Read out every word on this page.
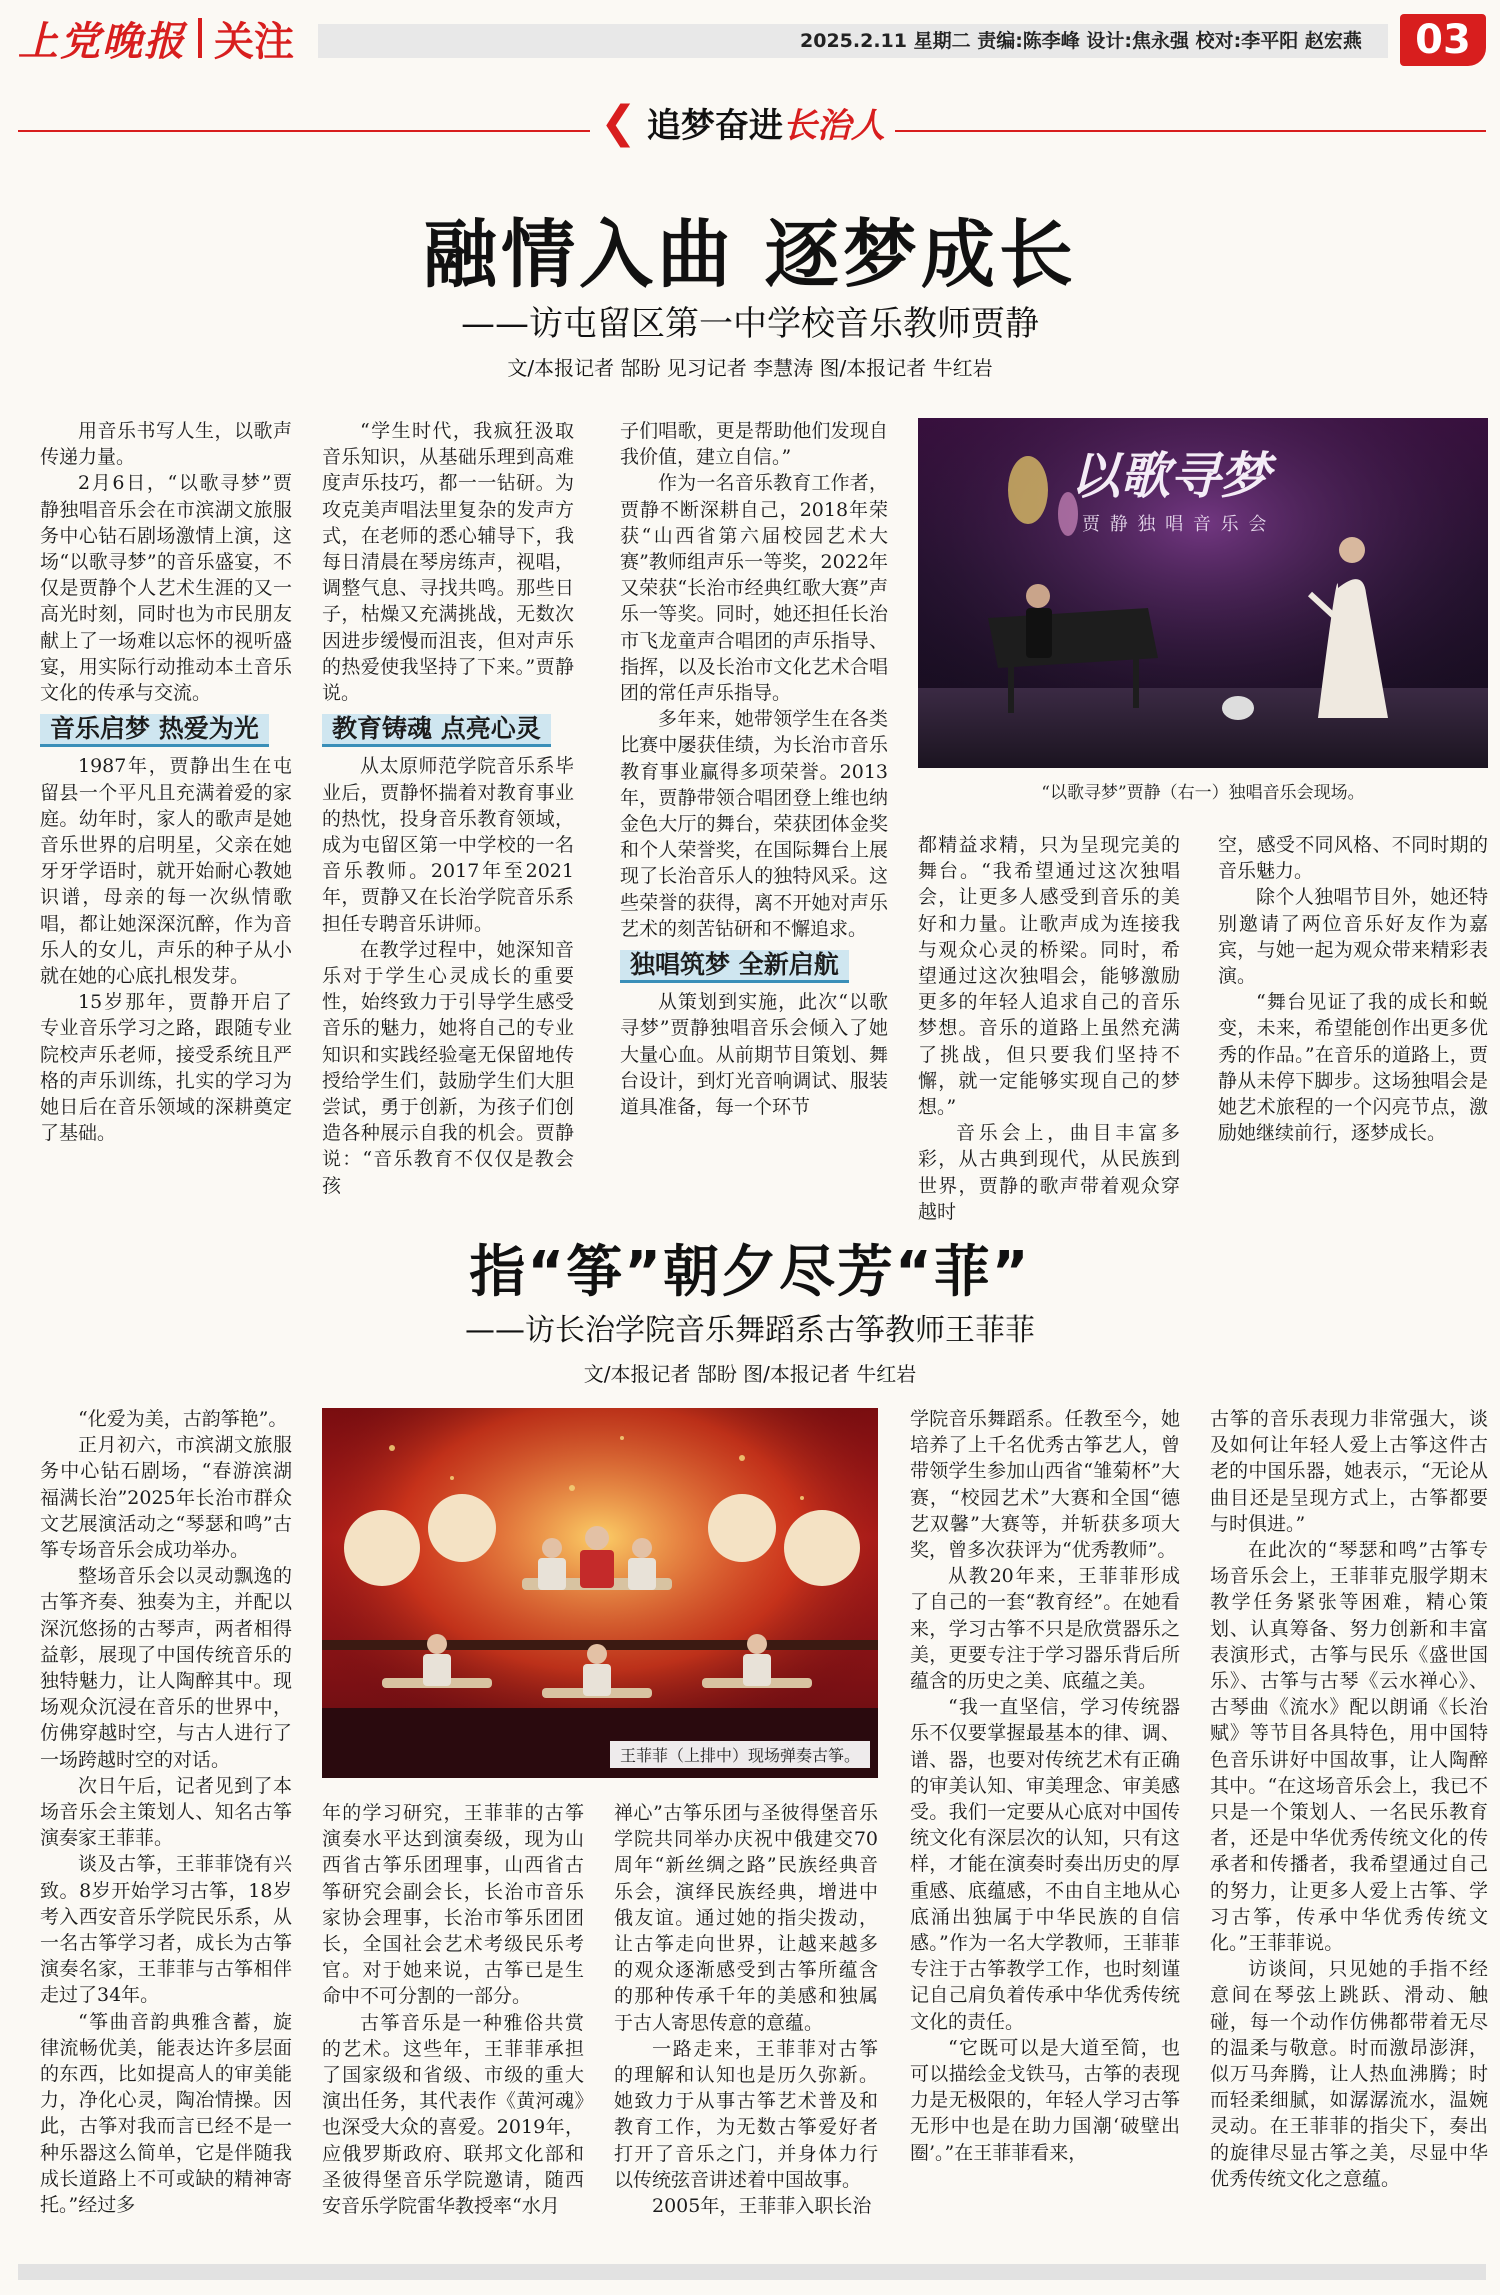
上党晚报 关注	2025.2.11 星期二 责编:陈李峰 设计:焦永强 校对:李平阳 赵宏燕	03
❮ 追梦奋进长治人
融情入曲 逐梦成长
——访屯留区第一中学校音乐教师贾静
文/本报记者 郜盼 见习记者 李慧涛 图/本报记者 牛红岩

用音乐书写人生，以歌声传递力量。

2月6日，“以歌寻梦”贾静独唱音乐会在市滨湖文旅服务中心钻石剧场激情上演，这场“以歌寻梦”的音乐盛宴，不仅是贾静个人艺术生涯的又一高光时刻，同时也为市民朋友献上了一场难以忘怀的视听盛宴，用实际行动推动本土音乐文化的传承与交流。

音乐启梦 热爱为光

1987年，贾静出生在屯留县一个平凡且充满着爱的家庭。幼年时，家人的歌声是她音乐世界的启明星，父亲在她牙牙学语时，就开始耐心教她识谱，母亲的每一次纵情歌唱，都让她深深沉醉，作为音乐人的女儿，声乐的种子从小就在她的心底扎根发芽。

15岁那年，贾静开启了专业音乐学习之路，跟随专业院校声乐老师，接受系统且严格的声乐训练，扎实的学习为她日后在音乐领域的深耕奠定了基础。

“学生时代，我疯狂汲取音乐知识，从基础乐理到高难度声乐技巧，都一一钻研。为攻克美声唱法里复杂的发声方式，在老师的悉心辅导下，我每日清晨在琴房练声，视唱，调整气息、寻找共鸣。那些日子，枯燥又充满挑战，无数次因进步缓慢而沮丧，但对声乐的热爱使我坚持了下来。”贾静说。

教育铸魂 点亮心灵

从太原师范学院音乐系毕业后，贾静怀揣着对教育事业的热忱，投身音乐教育领域，成为屯留区第一中学校的一名音乐教师。2017年至2021年，贾静又在长治学院音乐系担任专聘音乐讲师。

在教学过程中，她深知音乐对于学生心灵成长的重要性，始终致力于引导学生感受音乐的魅力，她将自己的专业知识和实践经验毫无保留地传授给学生们，鼓励学生们大胆尝试，勇于创新，为孩子们创造各种展示自我的机会。贾静说：“音乐教育不仅仅是教会孩

子们唱歌，更是帮助他们发现自我价值，建立自信。”

作为一名音乐教育工作者，贾静不断深耕自己，2018年荣获“山西省第六届校园艺术大赛”教师组声乐一等奖，2022年又荣获“长治市经典红歌大赛”声乐一等奖。同时，她还担任长治市飞龙童声合唱团的声乐指导、指挥，以及长治市文化艺术合唱团的常任声乐指导。

多年来，她带领学生在各类比赛中屡获佳绩，为长治市音乐教育事业赢得多项荣誉。2013年，贾静带领合唱团登上维也纳金色大厅的舞台，荣获团体金奖和个人荣誉奖，在国际舞台上展现了长治音乐人的独特风采。这些荣誉的获得，离不开她对声乐艺术的刻苦钻研和不懈追求。

独唱筑梦 全新启航

从策划到实施，此次“以歌寻梦”贾静独唱音乐会倾入了她大量心血。从前期节目策划、舞台设计，到灯光音响调试、服装道具准备，每一个环节

以歌寻梦
贾 静 独 唱 音 乐 会
“以歌寻梦”贾静（右一）独唱音乐会现场。

都精益求精，只为呈现完美的舞台。“我希望通过这次独唱会，让更多人感受到音乐的美好和力量。让歌声成为连接我与观众心灵的桥梁。同时，希望通过这次独唱会，能够激励更多的年轻人追求自己的音乐梦想。音乐的道路上虽然充满了挑战，但只要我们坚持不懈，就一定能够实现自己的梦想。”

音乐会上，曲目丰富多彩，从古典到现代，从民族到世界，贾静的歌声带着观众穿越时

空，感受不同风格、不同时期的音乐魅力。

除个人独唱节目外，她还特别邀请了两位音乐好友作为嘉宾，与她一起为观众带来精彩表演。

“舞台见证了我的成长和蜕变，未来，希望能创作出更多优秀的作品。”在音乐的道路上，贾静从未停下脚步。这场独唱会是她艺术旅程的一个闪亮节点，激励她继续前行，逐梦成长。

指“筝”朝夕尽芳“菲”
——访长治学院音乐舞蹈系古筝教师王菲菲
文/本报记者 郜盼 图/本报记者 牛红岩

“化爱为美，古韵筝艳”。

正月初六，市滨湖文旅服务中心钻石剧场，“春游滨湖福满长治”2025年长治市群众文艺展演活动之“琴瑟和鸣”古筝专场音乐会成功举办。

整场音乐会以灵动飘逸的古筝齐奏、独奏为主，并配以深沉悠扬的古琴声，两者相得益彰，展现了中国传统音乐的独特魅力，让人陶醉其中。现场观众沉浸在音乐的世界中，仿佛穿越时空，与古人进行了一场跨越时空的对话。

次日午后，记者见到了本场音乐会主策划人、知名古筝演奏家王菲菲。

谈及古筝，王菲菲饶有兴致。8岁开始学习古筝，18岁考入西安音乐学院民乐系，从一名古筝学习者，成长为古筝演奏名家，王菲菲与古筝相伴走过了34年。

“筝曲音韵典雅含蓄，旋律流畅优美，能表达许多层面的东西，比如提高人的审美能力，净化心灵，陶冶情操。因此，古筝对我而言已经不是一种乐器这么简单，它是伴随我成长道路上不可或缺的精神寄托。”经过多

王菲菲（上排中）现场弹奏古筝。

年的学习研究，王菲菲的古筝演奏水平达到演奏级，现为山西省古筝乐团理事，山西省古筝研究会副会长，长治市音乐家协会理事，长治市筝乐团团长，全国社会艺术考级民乐考官。对于她来说，古筝已是生命中不可分割的一部分。

古筝音乐是一种雅俗共赏的艺术。这些年，王菲菲承担了国家级和省级、市级的重大演出任务，其代表作《黄河魂》也深受大众的喜爱。2019年，应俄罗斯政府、联邦文化部和圣彼得堡音乐学院邀请，随西安音乐学院雷华教授率“水月

禅心”古筝乐团与圣彼得堡音乐学院共同举办庆祝中俄建交70周年“新丝绸之路”民族经典音乐会，演绎民族经典，增进中俄友谊。通过她的指尖拨动，让古筝走向世界，让越来越多的观众逐渐感受到古筝所蕴含的那种传承千年的美感和独属于古人寄思传意的意蕴。

一路走来，王菲菲对古筝的理解和认知也是历久弥新。她致力于从事古筝艺术普及和教育工作，为无数古筝爱好者打开了音乐之门，并身体力行以传统弦音讲述着中国故事。

2005年，王菲菲入职长治

学院音乐舞蹈系。任教至今，她培养了上千名优秀古筝艺人，曾带领学生参加山西省“雏菊杯”大赛，“校园艺术”大赛和全国“德艺双馨”大赛等，并斩获多项大奖，曾多次获评为“优秀教师”。

从教20年来，王菲菲形成了自己的一套“教育经”。在她看来，学习古筝不只是欣赏器乐之美，更要专注于学习器乐背后所蕴含的历史之美、底蕴之美。

“我一直坚信，学习传统器乐不仅要掌握最基本的律、调、谱、器，也要对传统艺术有正确的审美认知、审美理念、审美感受。我们一定要从心底对中国传统文化有深层次的认知，只有这样，才能在演奏时奏出历史的厚重感、底蕴感，不由自主地从心底涌出独属于中华民族的自信感。”作为一名大学教师，王菲菲专注于古筝教学工作，也时刻谨记自己肩负着传承中华优秀传统文化的责任。

“它既可以是大道至简，也可以描绘金戈铁马，古筝的表现力是无极限的，年轻人学习古筝无形中也是在助力国潮‘破壁出圈’。”在王菲菲看来，

古筝的音乐表现力非常强大，谈及如何让年轻人爱上古筝这件古老的中国乐器，她表示，“无论从曲目还是呈现方式上，古筝都要与时俱进。”

在此次的“琴瑟和鸣”古筝专场音乐会上，王菲菲克服学期末教学任务紧张等困难，精心策划、认真筹备、努力创新和丰富表演形式，古筝与民乐《盛世国乐》、古筝与古琴《云水禅心》、古琴曲《流水》配以朗诵《长治赋》等节目各具特色，用中国特色音乐讲好中国故事，让人陶醉其中。“在这场音乐会上，我已不只是一个策划人、一名民乐教育者，还是中华优秀传统文化的传承者和传播者，我希望通过自己的努力，让更多人爱上古筝、学习古筝，传承中华优秀传统文化。”王菲菲说。

访谈间，只见她的手指不经意间在琴弦上跳跃、滑动、触碰，每一个动作仿佛都带着无尽的温柔与敬意。时而激昂澎湃，似万马奔腾，让人热血沸腾；时而轻柔细腻，如潺潺流水，温婉灵动。在王菲菲的指尖下，奏出的旋律尽显古筝之美，尽显中华优秀传统文化之意蕴。
